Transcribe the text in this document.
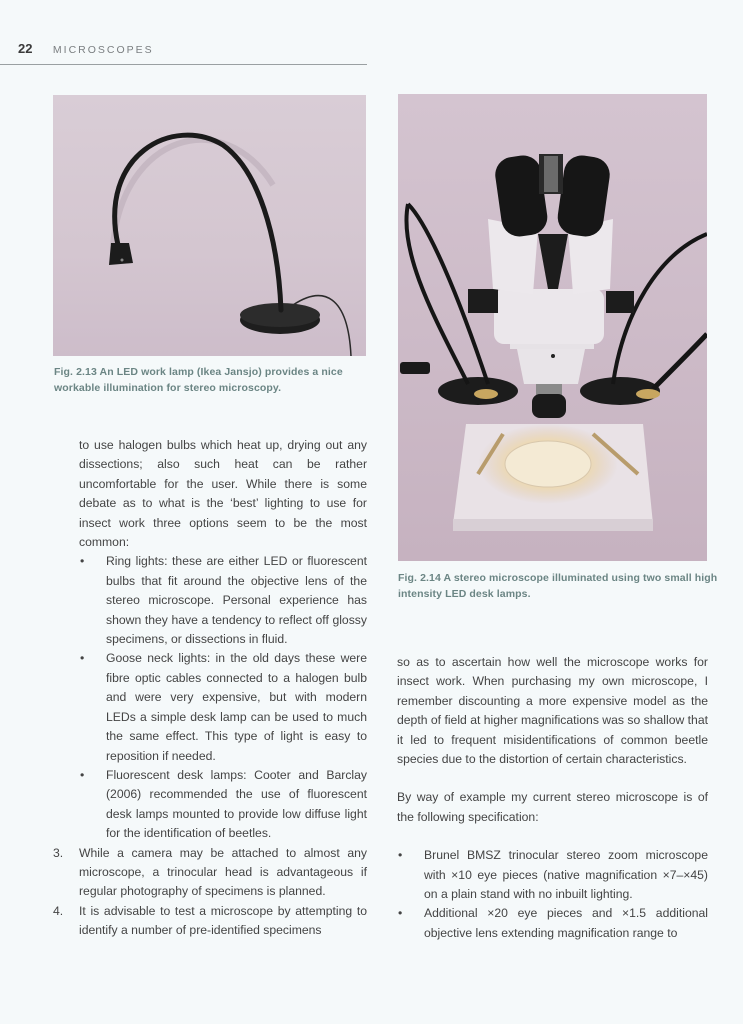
22 MICROSCOPES
Fig. 2.13 An LED work lamp (Ikea Jansjo) provides a nice workable illumination for stereo microscopy.
Fig. 2.14 A stereo microscope illuminated using two small high intensity LED desk lamps.

to use halogen bulbs which heat up, drying out any dissections; also such heat can be rather uncomfortable for the user. While there is some debate as to what is the ‘best’ lighting to use for insect work three options seem to be the most common:

• Ring lights: these are either LED or fluorescent bulbs that fit around the objective lens of the stereo microscope. Personal experience has shown they have a tendency to reflect off glossy specimens, or dissections in fluid.
• Goose neck lights: in the old days these were fibre optic cables connected to a halogen bulb and were very expensive, but with modern LEDs a simple desk lamp can be used to much the same effect. This type of light is easy to reposition if needed.
• Fluorescent desk lamps: Cooter and Barclay (2006) recommended the use of fluorescent desk lamps mounted to provide low diffuse light for the identification of beetles.
3. While a camera may be attached to almost any microscope, a trinocular head is advantageous if regular photography of specimens is planned.
4. It is advisable to test a microscope by attempting to identify a number of pre-identified specimens

so as to ascertain how well the microscope works for insect work. When purchasing my own microscope, I remember discounting a more expensive model as the depth of field at higher magnifications was so shallow that it led to frequent misidentifications of common beetle species due to the distortion of certain characteristics.

By way of example my current stereo microscope is of the following specification:

• Brunel BMSZ trinocular stereo zoom microscope with ×10 eye pieces (native magnification ×7–×45) on a plain stand with no inbuilt lighting.
• Additional ×20 eye pieces and ×1.5 additional objective lens extending magnification range to
